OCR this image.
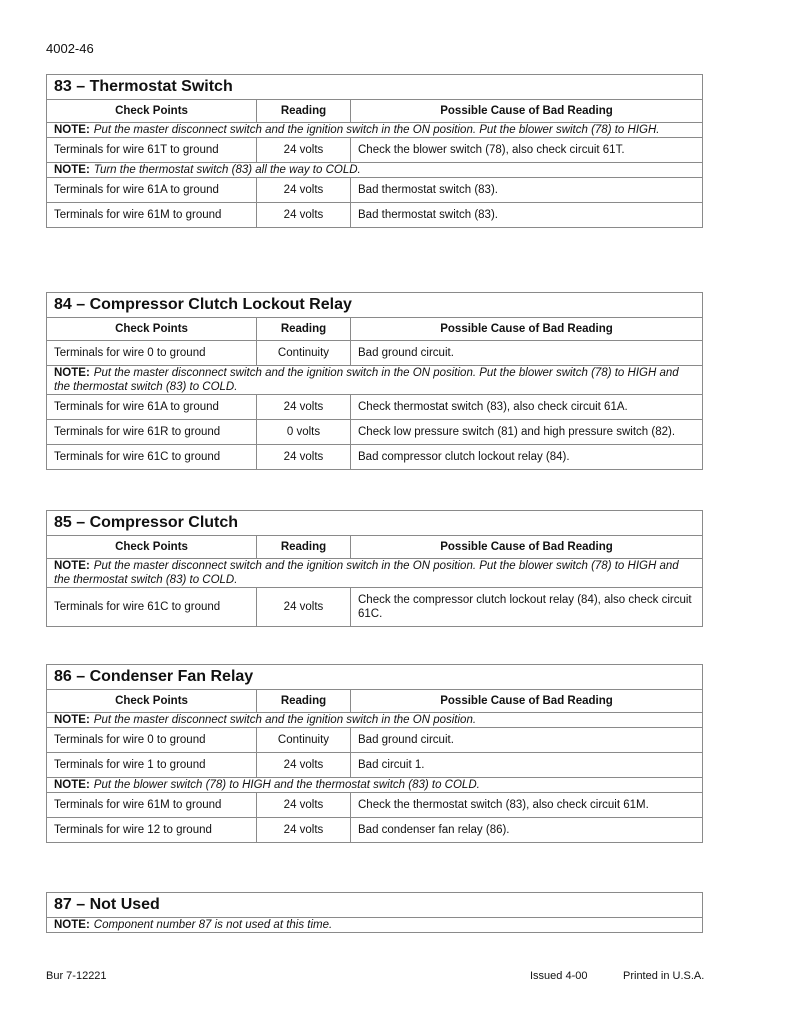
4002-46
83 – Thermostat Switch		
Check Points	Reading	Possible Cause of Bad Reading
NOTE: Put the master disconnect switch and the ignition switch in the ON position. Put the blower switch (78) to HIGH.		
Terminals for wire 61T to ground	24 volts	Check the blower switch (78), also check circuit 61T.
NOTE: Turn the thermostat switch (83) all the way to COLD.		
Terminals for wire 61A to ground	24 volts	Bad thermostat switch (83).
Terminals for wire 61M to ground	24 volts	Bad thermostat switch (83).
84 – Compressor Clutch Lockout Relay		
Check Points	Reading	Possible Cause of Bad Reading
Terminals for wire 0 to ground	Continuity	Bad ground circuit.
NOTE: Put the master disconnect switch and the ignition switch in the ON position. Put the blower switch (78) to HIGH and the thermostat switch (83) to COLD.		
Terminals for wire 61A to ground	24 volts	Check thermostat switch (83), also check circuit 61A.
Terminals for wire 61R to ground	0 volts	Check low pressure switch (81) and high pressure switch (82).
Terminals for wire 61C to ground	24 volts	Bad compressor clutch lockout relay (84).
85 – Compressor Clutch		
Check Points	Reading	Possible Cause of Bad Reading
NOTE: Put the master disconnect switch and the ignition switch in the ON position. Put the blower switch (78) to HIGH and the thermostat switch (83) to COLD.		
Terminals for wire 61C to ground	24 volts	Check the compressor clutch lockout relay (84), also check circuit 61C.
86 – Condenser Fan Relay		
Check Points	Reading	Possible Cause of Bad Reading
NOTE: Put the master disconnect switch and the ignition switch in the ON position.		
Terminals for wire 0 to ground	Continuity	Bad ground circuit.
Terminals for wire 1 to ground	24 volts	Bad circuit 1.
NOTE: Put the blower switch (78) to HIGH and the thermostat switch (83) to COLD.		
Terminals for wire 61M to ground	24 volts	Check the thermostat switch (83), also check circuit 61M.
Terminals for wire 12 to ground	24 volts	Bad condenser fan relay (86).
87 – Not Used
NOTE: Component number 87 is not used at this time.
Bur 7-12221	Issued 4-00	Printed in U.S.A.
